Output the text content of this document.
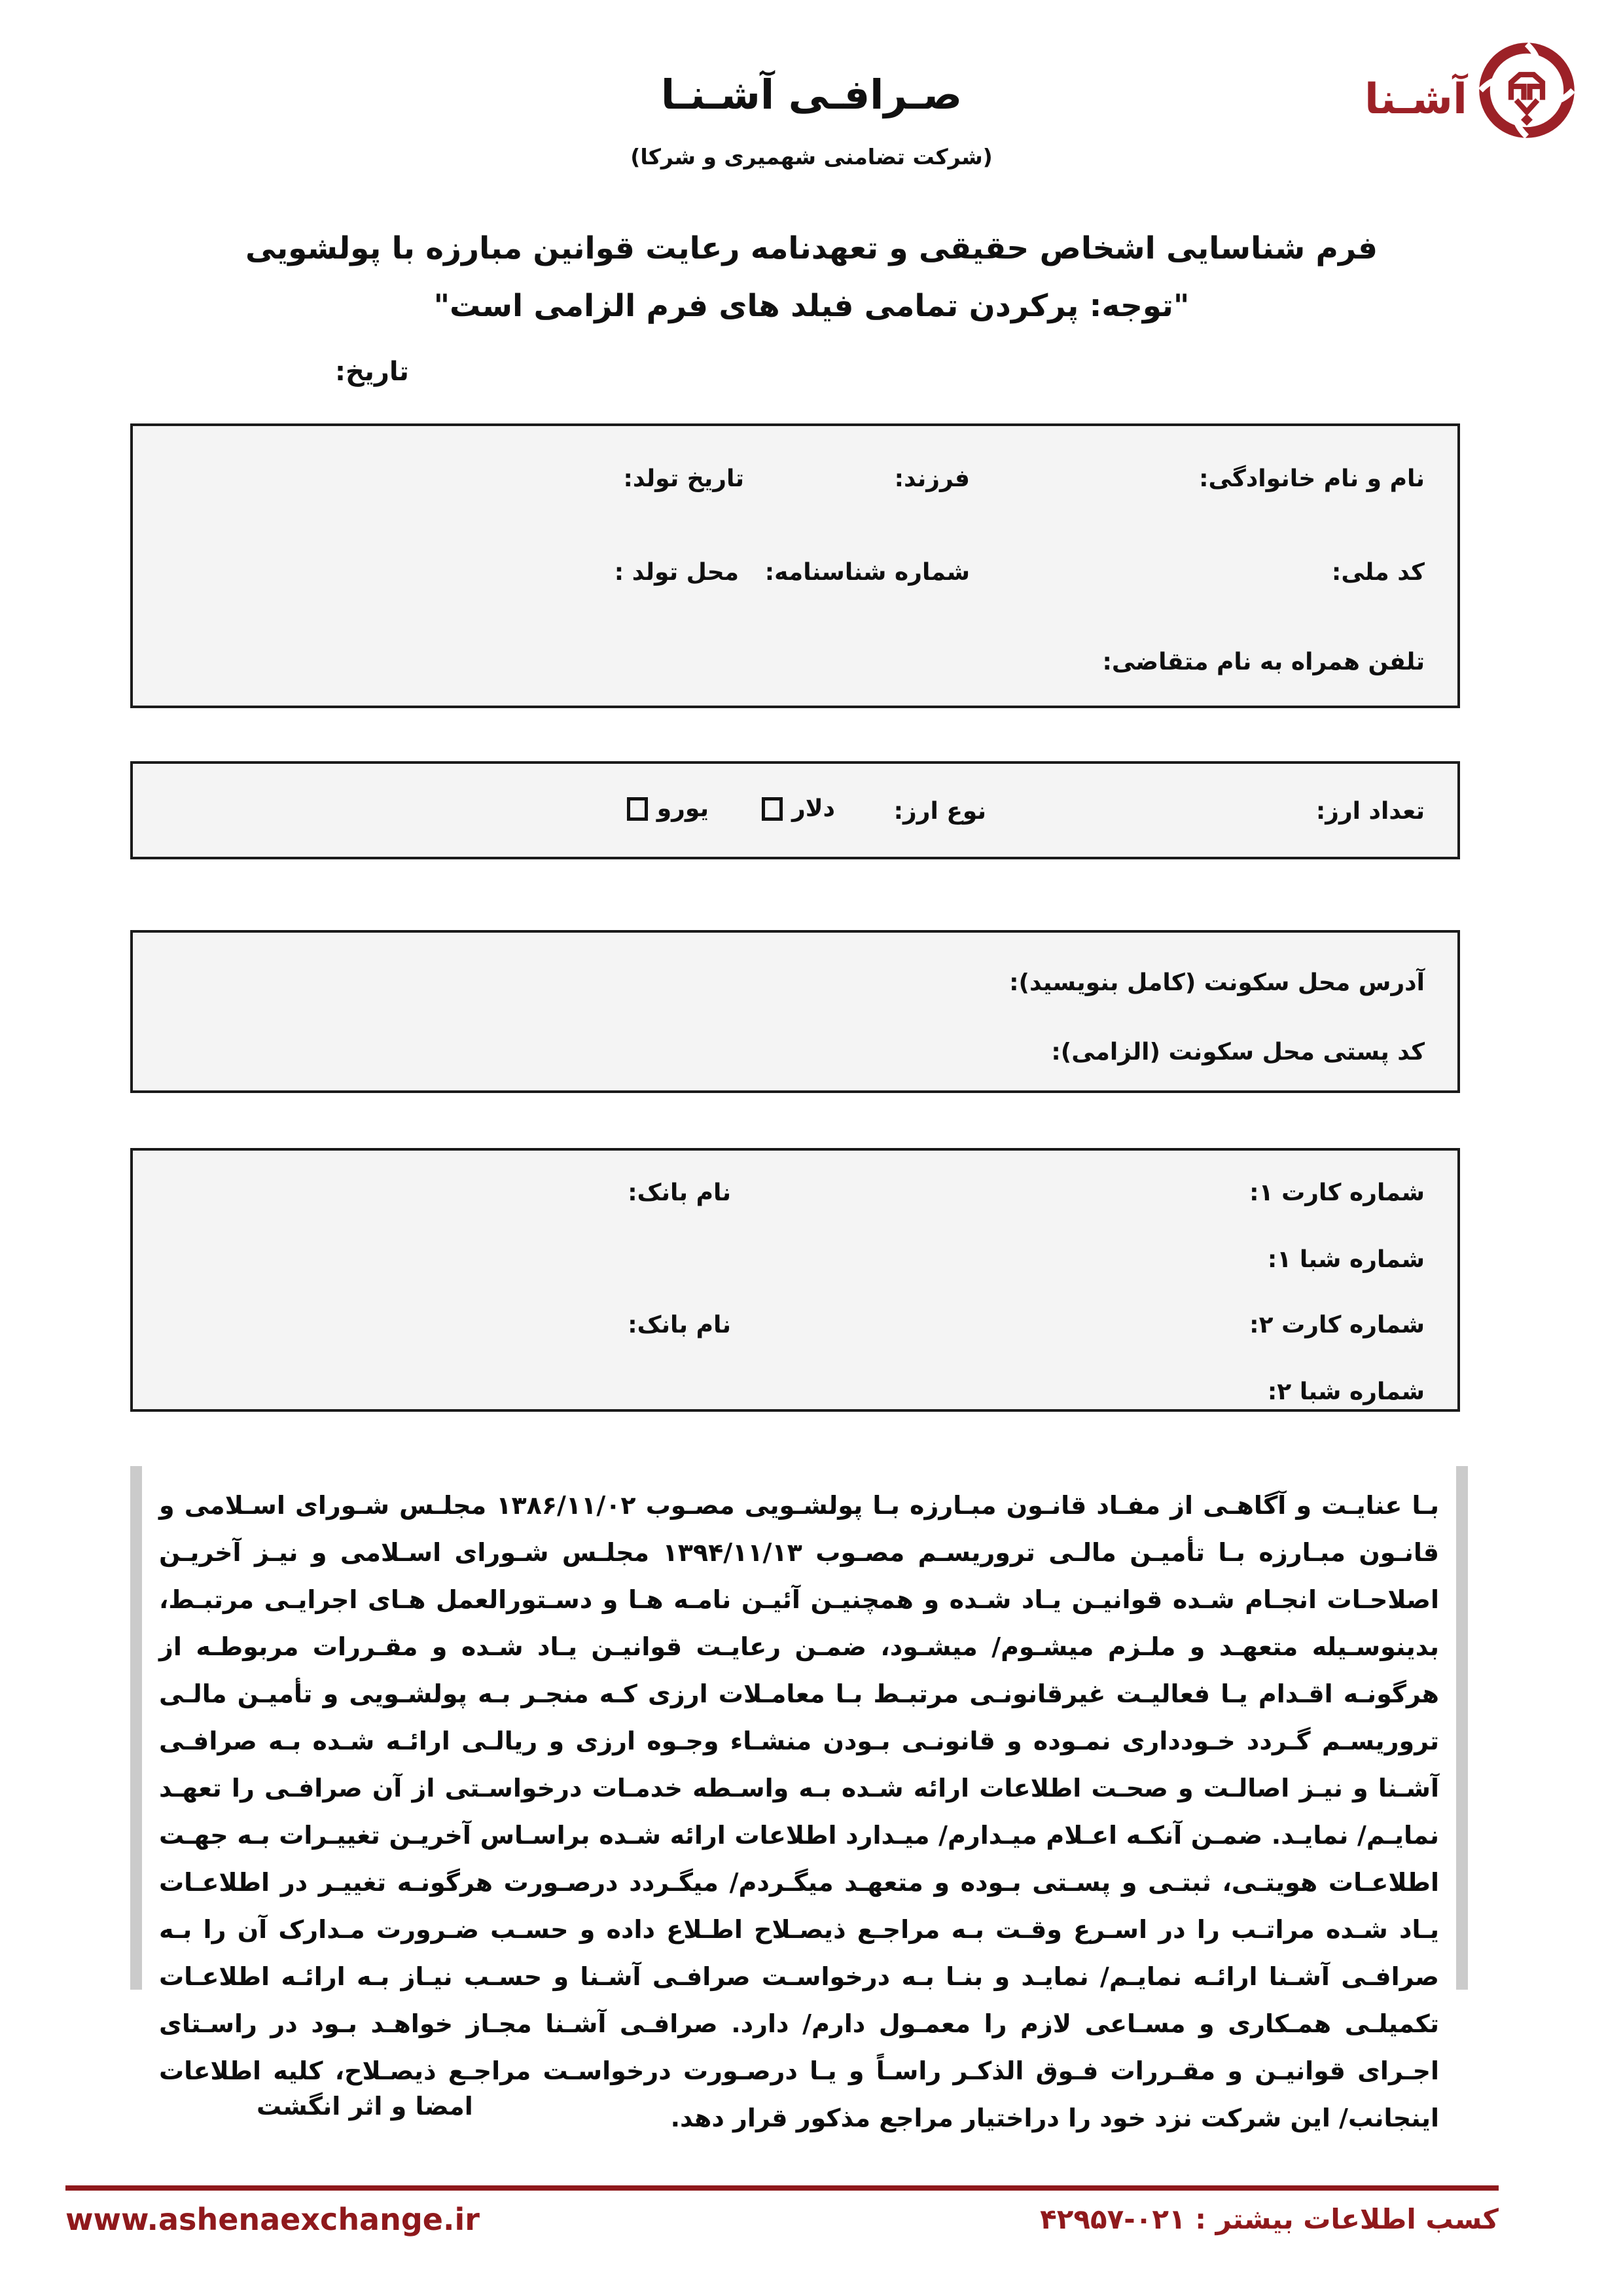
صـرافـی آشـنـا
(شرکت تضامنی شهمیری و شرکا)
آشـنا
فرم شناسایی اشخاص حقیقی و تعهدنامه رعایت قوانین مبارزه با پولشویی
"توجه: پرکردن تمامی فیلد های فرم الزامی است"
تاریخ:
نام و نام خانوادگی:
فرزند:
تاریخ تولد:
کد ملی:
شماره شناسنامه:
محل تولد :
تلفن همراه به نام متقاضی:
تعداد ارز:
نوع ارز:
دلار
یورو
آدرس محل سکونت (کامل بنویسید):
کد پستی محل سکونت (الزامی):
شماره کارت ۱:
نام بانک:
شماره شبا ۱:
شماره کارت ۲:
نام بانک:
شماره شبا ۲:
بـا عنایـت و آگاهـی از مفـاد قانـون مبـارزه بـا پولشـویی مصـوب ۱۳۸۶/۱۱/۰۲ مجلـس شـورای اسـلامی و قانـون مبـارزه بـا تأمیـن مالـی تروریسـم مصـوب ۱۳۹۴/۱۱/۱۳ مجلـس شـورای اسـلامی و نیـز آخریـن اصلاحـات انجـام شـده قوانیـن یـاد شـده و همچنیـن آئیـن نامـه هـا و دسـتورالعمل هـای اجرایـی مرتبـط، بدینوسـیله متعهـد و ملـزم میشـوم/ میشـود، ضمـن رعایـت قوانیـن یـاد شـده و مقـررات مربوطـه از هرگونـه اقـدام یـا فعالیـت غیرقانونـی مرتبـط بـا معامـلات ارزی کـه منجـر بـه پولشـویی و تأمیـن مالـی تروریسـم گـردد خـودداری نمـوده و قانونـی بـودن منشـاء وجـوه ارزی و ریالـی ارائـه شـده بـه صرافـی آشـنا و نیـز اصالـت و صحـت اطلاعات ارائه شـده بـه واسـطه خدمـات درخواسـتی از آن صرافـی را تعهـد نمایـم/ نمایـد. ضمـن آنکـه اعـلام میـدارم/ میـدارد اطلاعات ارائه شـده براسـاس آخریـن تغییـرات بـه جهـت اطلاعـات هویتـی، ثبتـی و پسـتی بـوده و متعهـد میگـردم/ میگـردد درصـورت هرگونـه تغییـر در اطلاعـات یـاد شـده مراتـب را در اسـرع وقـت بـه مراجـع ذیصـلاح اطـلاع داده و حسـب ضـرورت مـدارک آن را بـه صرافـی آشـنا ارائـه نمایـم/ نمایـد و بنـا بـه درخواسـت صرافـی آشـنا و حسـب نیـاز بـه ارائـه اطلاعـات تکمیلـی همـکاری و مسـاعی لازم را معمـول دارم/ دارد. صرافـی آشـنا مجـاز خواهـد بـود در راسـتای اجـرای قوانیـن و مقـررات فـوق الذکـر راسـاً و یـا درصـورت درخواسـت مراجـع ذیصـلاح، کلیه اطلاعات اینجانب/ این شرکت نزد خود را دراختیار مراجع مذکور قرار دهد.
امضا و اثر انگشت
www.ashenaexchange.ir	کسب اطلاعات بیشتر : ۰۲۱-۴۲۹۵۷
